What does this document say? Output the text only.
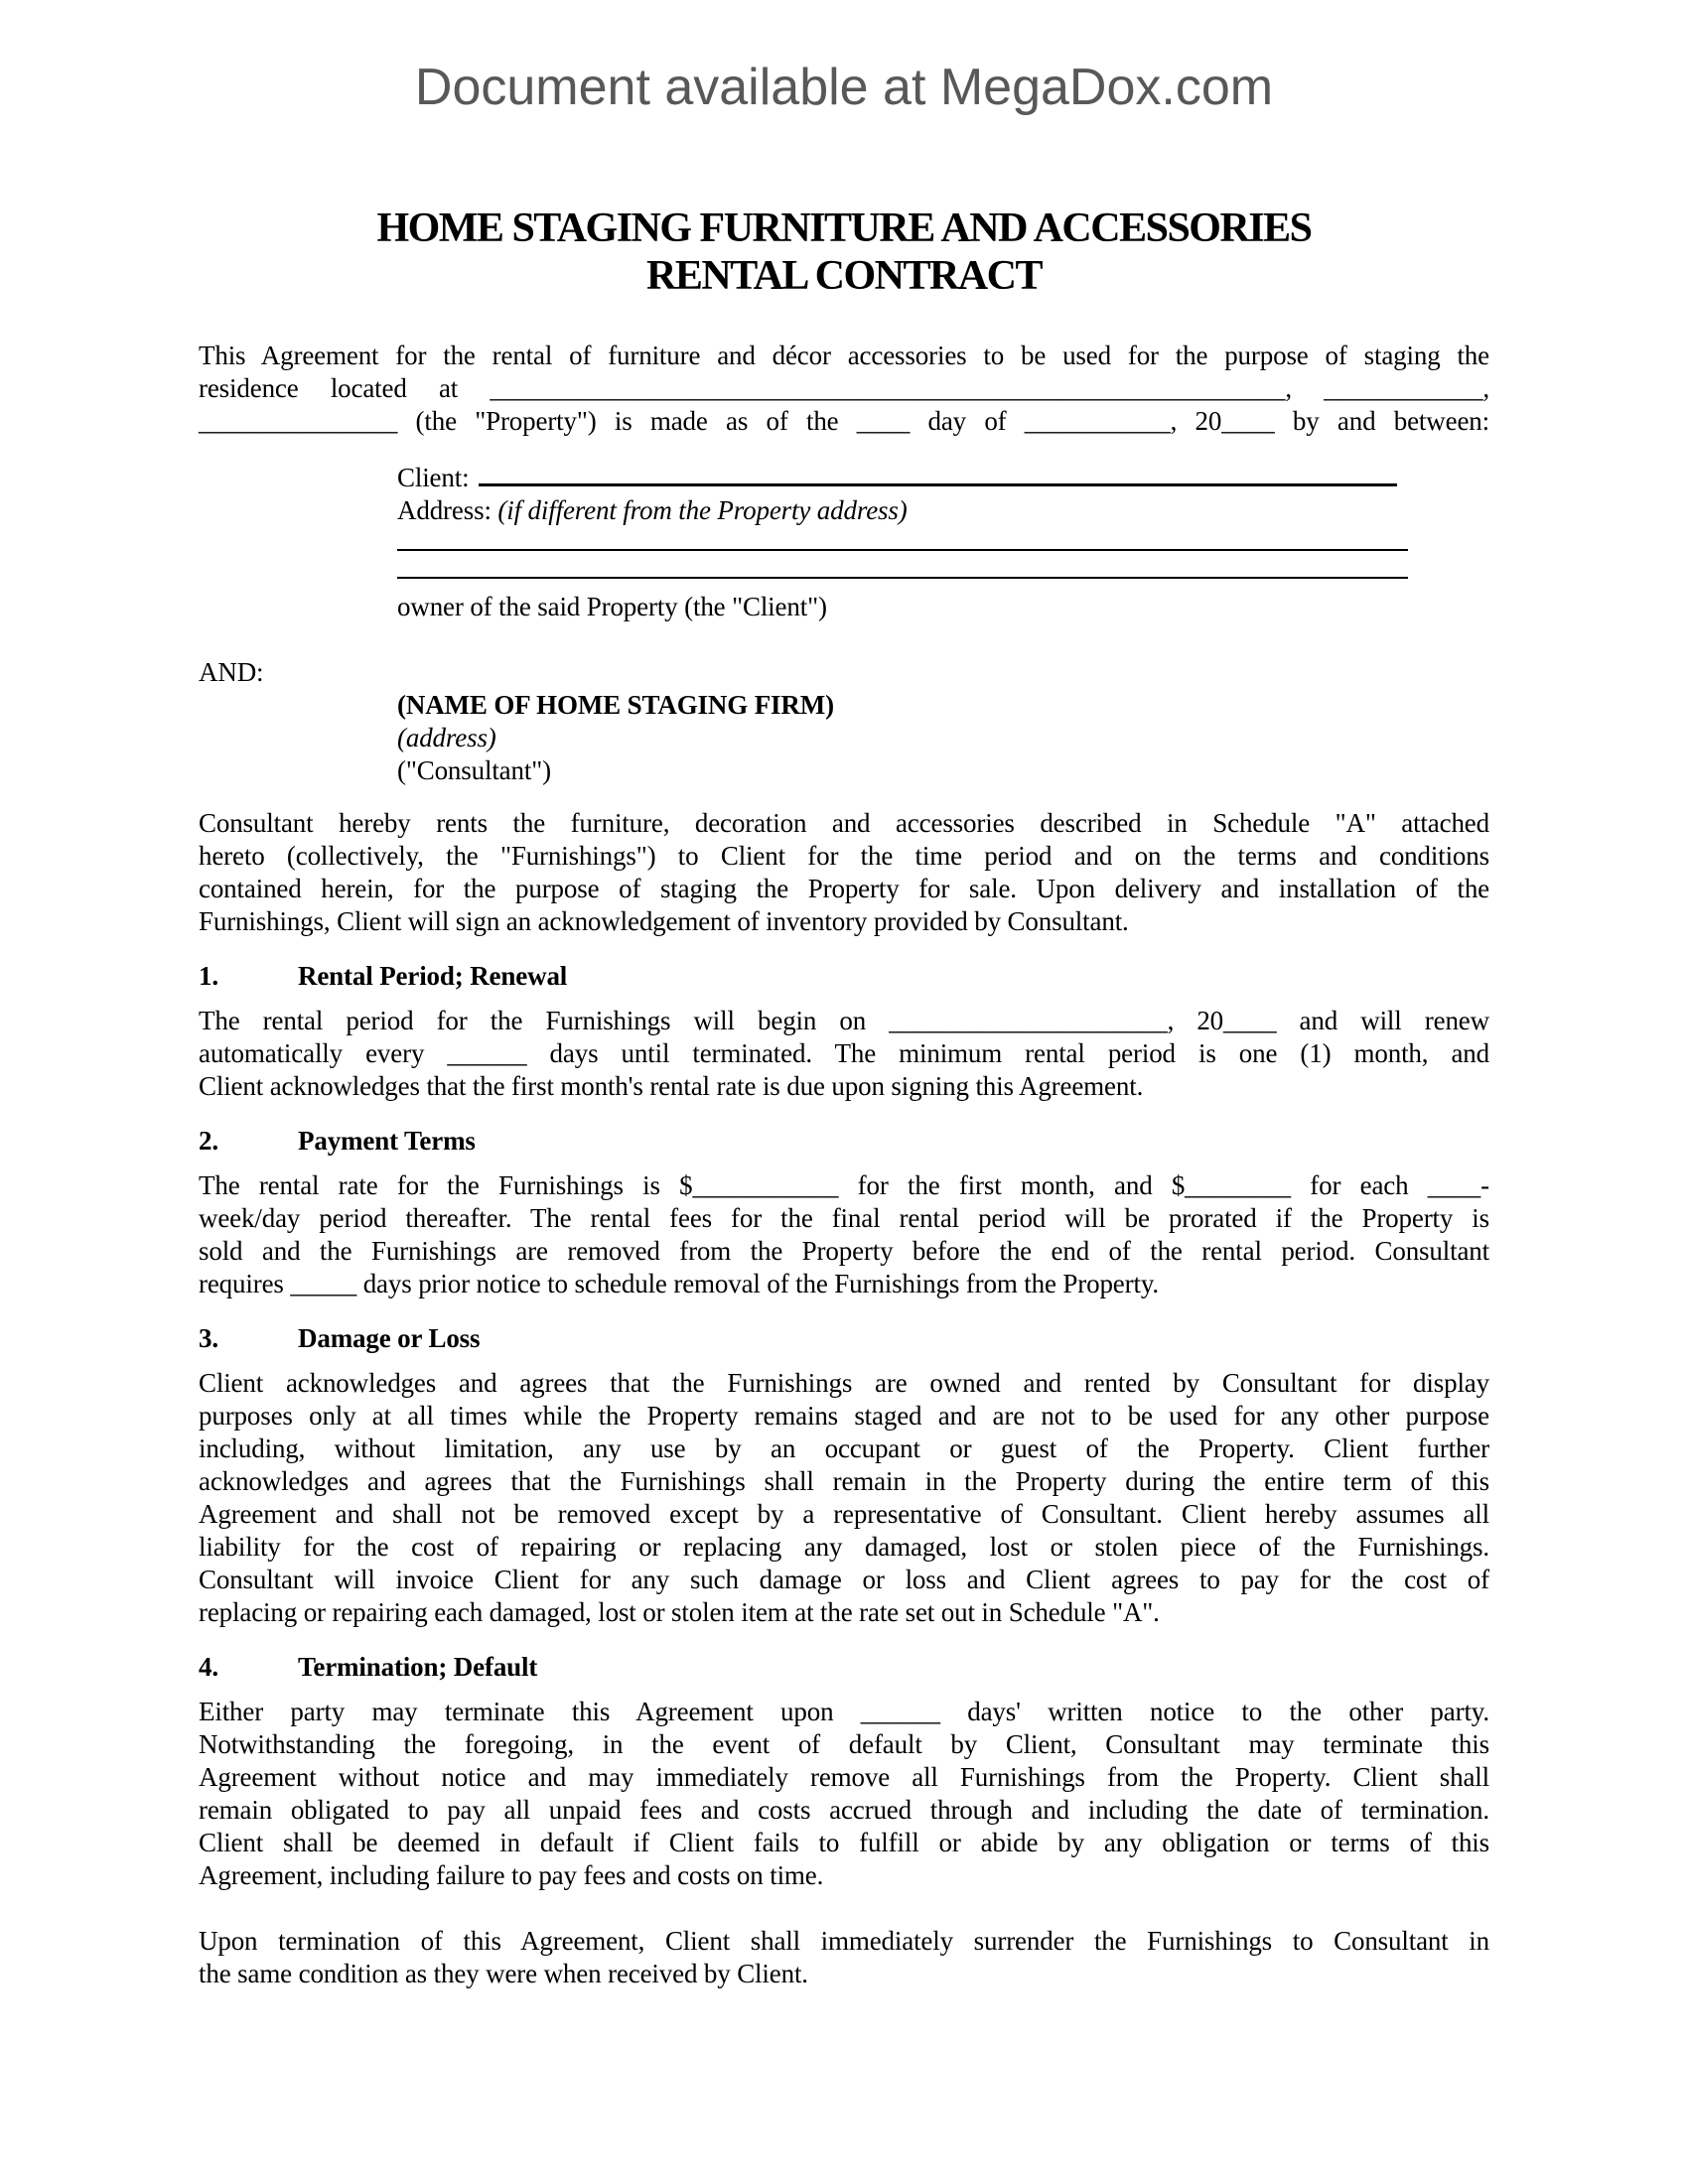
Document available at MegaDox.com
HOME STAGING FURNITURE AND ACCESSORIES
RENTAL CONTRACT
This Agreement for the rental of furniture and décor accessories to be used for the purpose of staging the
residence located at ____________________________________________________________, ____________,
_______________ (the "Property") is made as of the ____ day of ___________, 20____ by and between:
Client:
Address: (if different from the Property address)
owner of the said Property (the "Client")
AND:
(NAME OF HOME STAGING FIRM)
(address)
("Consultant")
Consultant hereby rents the furniture, decoration and accessories described in Schedule "A" attached
hereto (collectively, the "Furnishings") to Client for the time period and on the terms and conditions
contained herein, for the purpose of staging the Property for sale. Upon delivery and installation of the
Furnishings, Client will sign an acknowledgement of inventory provided by Consultant.
1.	Rental Period; Renewal
The rental period for the Furnishings will begin on _____________________, 20____ and will renew
automatically every ______ days until terminated. The minimum rental period is one (1) month, and
Client acknowledges that the first month's rental rate is due upon signing this Agreement.
2.	Payment Terms
The rental rate for the Furnishings is $___________ for the first month, and $________ for each ____-
week/day period thereafter. The rental fees for the final rental period will be prorated if the Property is
sold and the Furnishings are removed from the Property before the end of the rental period. Consultant
requires _____ days prior notice to schedule removal of the Furnishings from the Property.
3.	Damage or Loss
Client acknowledges and agrees that the Furnishings are owned and rented by Consultant for display
purposes only at all times while the Property remains staged and are not to be used for any other purpose
including, without limitation, any use by an occupant or guest of the Property. Client further
acknowledges and agrees that the Furnishings shall remain in the Property during the entire term of this
Agreement and shall not be removed except by a representative of Consultant. Client hereby assumes all
liability for the cost of repairing or replacing any damaged, lost or stolen piece of the Furnishings.
Consultant will invoice Client for any such damage or loss and Client agrees to pay for the cost of
replacing or repairing each damaged, lost or stolen item at the rate set out in Schedule "A".
4.	Termination; Default
Either party may terminate this Agreement upon ______ days' written notice to the other party.
Notwithstanding the foregoing, in the event of default by Client, Consultant may terminate this
Agreement without notice and may immediately remove all Furnishings from the Property. Client shall
remain obligated to pay all unpaid fees and costs accrued through and including the date of termination.
Client shall be deemed in default if Client fails to fulfill or abide by any obligation or terms of this
Agreement, including failure to pay fees and costs on time.
Upon termination of this Agreement, Client shall immediately surrender the Furnishings to Consultant in
the same condition as they were when received by Client.
